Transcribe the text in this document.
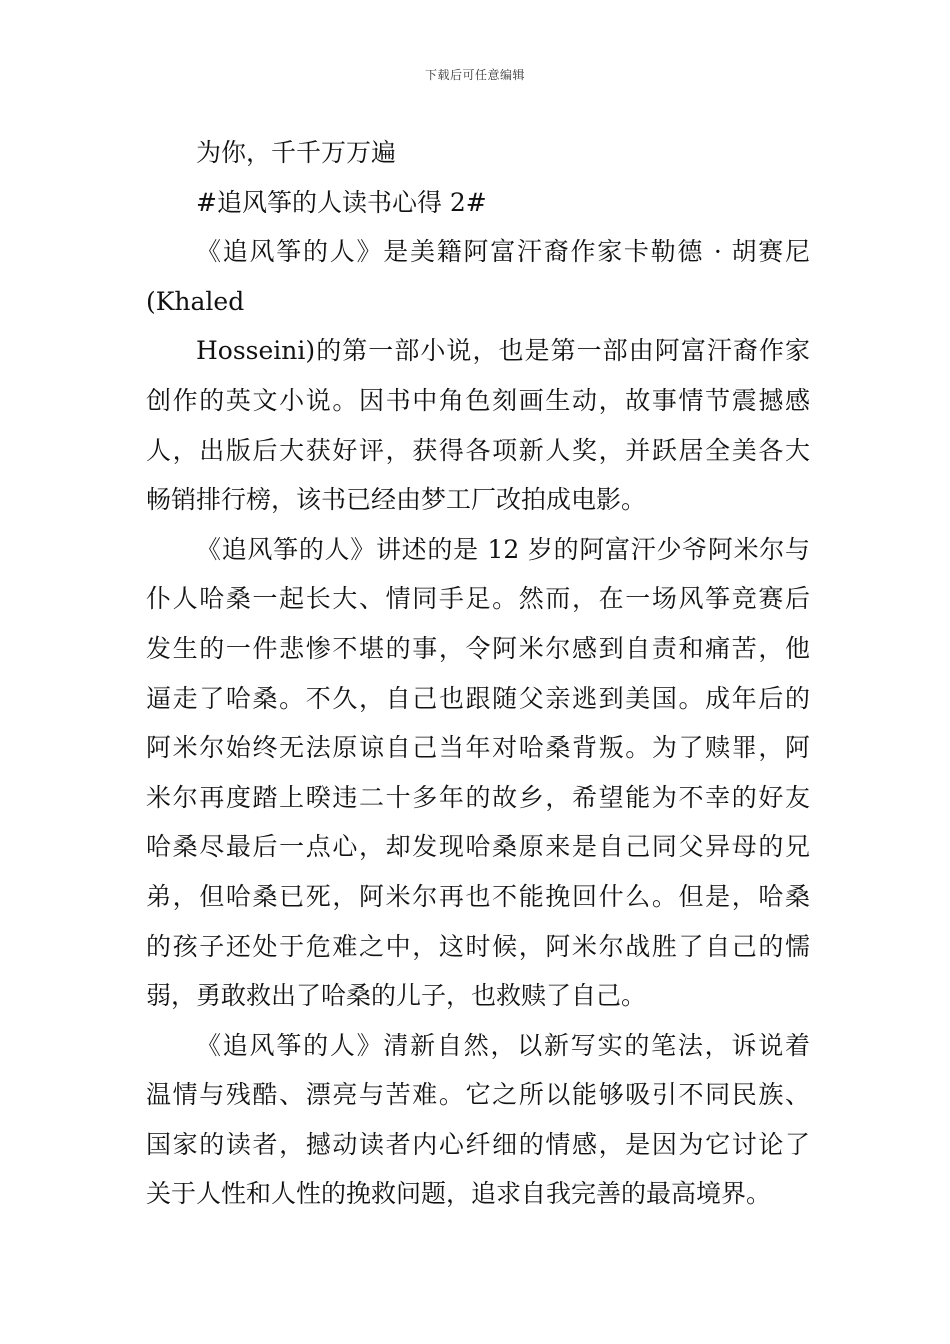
下载后可任意编辑

为你，千千万万遍

#追风筝的人读书心得 2#

《追风筝的人》是美籍阿富汗裔作家卡勒德 · 胡赛尼

(Khaled

Hosseini)的第一部小说，也是第一部由阿富汗裔作家

创作的英文小说。因书中角色刻画生动，故事情节震撼感

人，出版后大获好评，获得各项新人奖，并跃居全美各大

畅销排行榜，该书已经由梦工厂改拍成电影。

《追风筝的人》讲述的是 12 岁的阿富汗少爷阿米尔与

仆人哈桑一起长大、情同手足。然而，在一场风筝竞赛后

发生的一件悲惨不堪的事，令阿米尔感到自责和痛苦，他

逼走了哈桑。不久，自己也跟随父亲逃到美国。成年后的

阿米尔始终无法原谅自己当年对哈桑背叛。为了赎罪，阿

米尔再度踏上暌违二十多年的故乡，希望能为不幸的好友

哈桑尽最后一点心，却发现哈桑原来是自己同父异母的兄

弟，但哈桑已死，阿米尔再也不能挽回什么。但是，哈桑

的孩子还处于危难之中，这时候，阿米尔战胜了自己的懦

弱，勇敢救出了哈桑的儿子，也救赎了自己。

《追风筝的人》清新自然，以新写实的笔法，诉说着

温情与残酷、漂亮与苦难。它之所以能够吸引不同民族、

国家的读者，撼动读者内心纤细的情感，是因为它讨论了

关于人性和人性的挽救问题，追求自我完善的最高境界。
